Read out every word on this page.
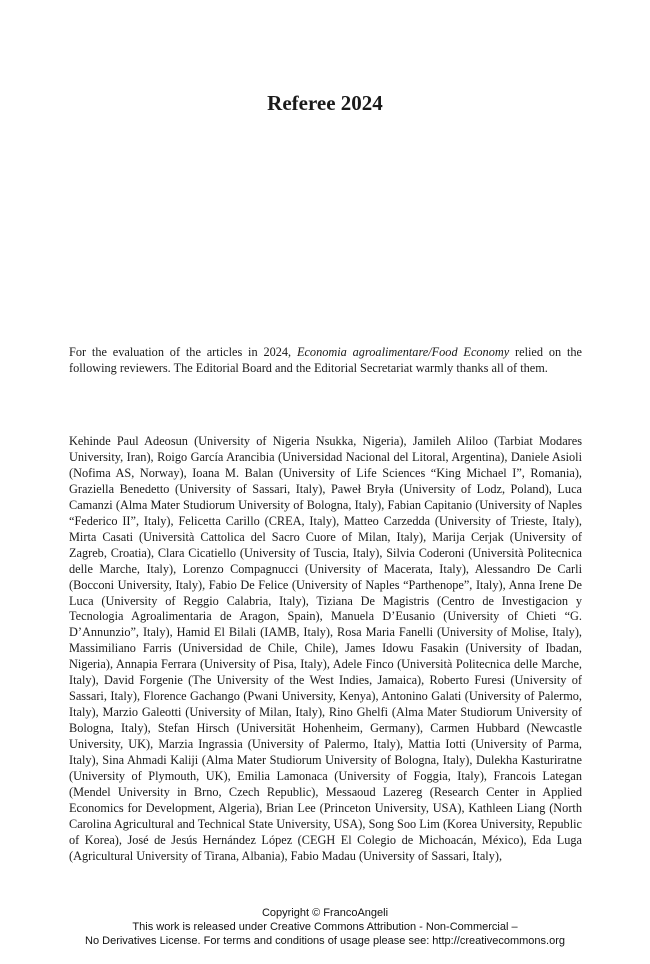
Referee 2024

For the evaluation of the articles in 2024, Economia agroalimentare/Food Economy relied on the following reviewers. The Editorial Board and the Editorial Secretariat warmly thanks all of them.

Kehinde Paul Adeosun (University of Nigeria Nsukka, Nigeria), Jamileh Aliloo (Tarbiat Modares University, Iran), Roigo García Arancibia (Universidad Nacional del Litoral, Argentina), Daniele Asioli (Nofima AS, Norway), Ioana M. Balan (University of Life Sciences “King Michael I”, Romania), Graziella Benedetto (University of Sassari, Italy), Paweł Bryła (University of Lodz, Poland), Luca Camanzi (Alma Mater Studiorum University of Bologna, Italy), Fabian Capitanio (University of Naples “Federico II”, Italy), Felicetta Carillo (CREA, Italy), Matteo Carzedda (University of Trieste, Italy), Mirta Casati (Università Cattolica del Sacro Cuore of Milan, Italy), Marija Cerjak (University of Zagreb, Croatia), Clara Cicatiello (University of Tuscia, Italy), Silvia Coderoni (Università Politecnica delle Marche, Italy), Lorenzo Compagnucci (University of Macerata, Italy), Alessandro De Carli (Bocconi University, Italy), Fabio De Felice (University of Naples “Parthenope”, Italy), Anna Irene De Luca (University of Reggio Calabria, Italy), Tiziana De Magistris (Centro de Investigacion y Tecnologia Agroalimentaria de Aragon, Spain), Manuela D’Eusanio (University of Chieti “G. D’Annunzio”, Italy), Hamid El Bilali (IAMB, Italy), Rosa Maria Fanelli (University of Molise, Italy), Massimiliano Farris (Universidad de Chile, Chile), James Idowu Fasakin (University of Ibadan, Nigeria), Annapia Ferrara (University of Pisa, Italy), Adele Finco (Università Politecnica delle Marche, Italy), David Forgenie (The University of the West Indies, Jamaica), Roberto Furesi (University of Sassari, Italy), Florence Gachango (Pwani University, Kenya), Antonino Galati (University of Palermo, Italy), Marzio Galeotti (University of Milan, Italy), Rino Ghelfi (Alma Mater Studiorum University of Bologna, Italy), Stefan Hirsch (Universität Hohenheim, Germany), Carmen Hubbard (Newcastle University, UK), Marzia Ingrassia (University of Palermo, Italy), Mattia Iotti (University of Parma, Italy), Sina Ahmadi Kaliji (Alma Mater Studiorum University of Bologna, Italy), Dulekha Kasturiratne (University of Plymouth, UK), Emilia Lamonaca (University of Foggia, Italy), Francois Lategan (Mendel University in Brno, Czech Republic), Messaoud Lazereg (Research Center in Applied Economics for Development, Algeria), Brian Lee (Princeton University, USA), Kathleen Liang (North Carolina Agricultural and Technical State University, USA), Song Soo Lim (Korea University, Republic of Korea), José de Jesús Hernández López (CEGH El Colegio de Michoacán, México), Eda Luga (Agricultural University of Tirana, Albania), Fabio Madau (University of Sassari, Italy),

Copyright © FrancoAngeli
This work is released under Creative Commons Attribution - Non-Commercial –
No Derivatives License. For terms and conditions of usage please see: http://creativecommons.org
